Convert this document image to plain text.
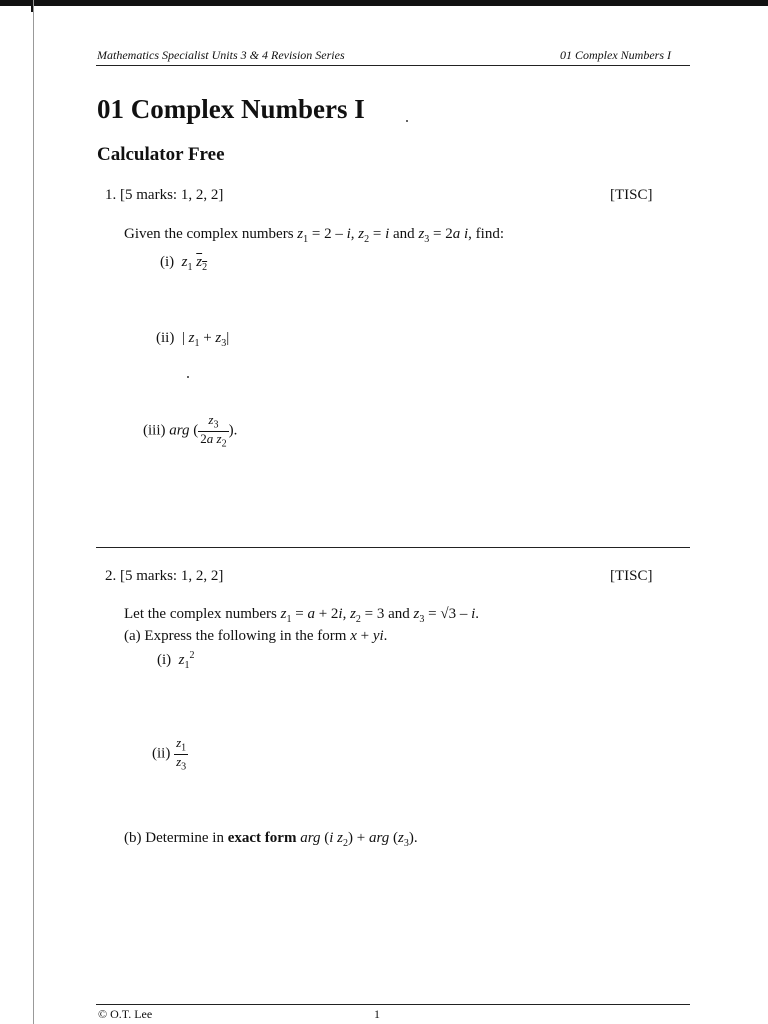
Mathematics Specialist Units 3 & 4 Revision Series	01 Complex Numbers I
01 Complex Numbers I
Calculator Free
1. [5 marks: 1, 2, 2]	[TISC]
Given the complex numbers $z_1 = 2 - i$, $z_2 = i$ and $z_3 = 2a$ i, find:
(i) $z_1$ $z_2$
(ii) | $z_1 + z_3|$
(iii) arg ( $\frac{z_3}{2a z_2}$ ).
2. [5 marks: 1, 2, 2]	[TISC]
Let the complex numbers $z_1 = a + 2i$, $z_2 = 3$ and $z_3 = √3 - i$.
(a) Express the following in the form x + yi.
(i) $z_1^2$
$(ii) \frac{z_1}{z_3}$
(b) Determine in exact form arg (i $z_2$) + arg $(z_3)$.
© O.T. Lee	1
